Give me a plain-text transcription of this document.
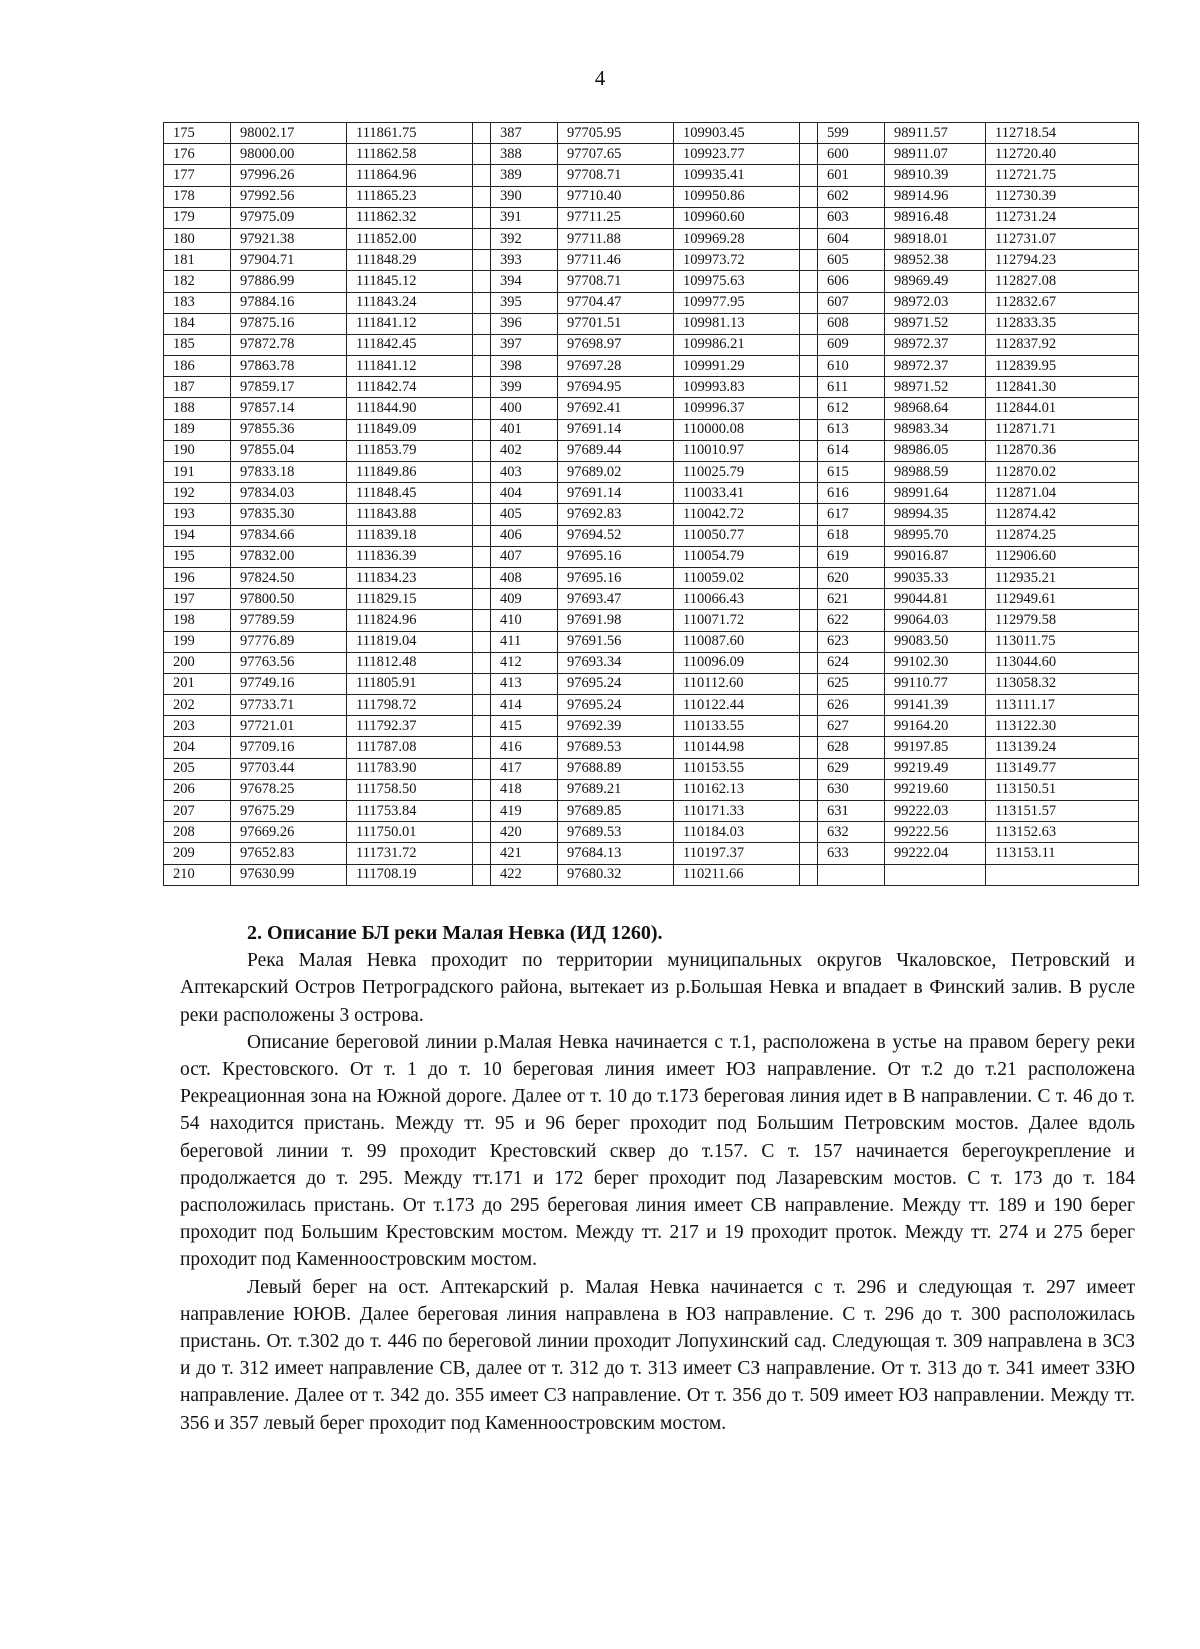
4
175	98002.17	111861.75		387	97705.95	109903.45		599	98911.57	112718.54
176	98000.00	111862.58		388	97707.65	109923.77		600	98911.07	112720.40
177	97996.26	111864.96		389	97708.71	109935.41		601	98910.39	112721.75
178	97992.56	111865.23		390	97710.40	109950.86		602	98914.96	112730.39
179	97975.09	111862.32		391	97711.25	109960.60		603	98916.48	112731.24
180	97921.38	111852.00		392	97711.88	109969.28		604	98918.01	112731.07
181	97904.71	111848.29		393	97711.46	109973.72		605	98952.38	112794.23
182	97886.99	111845.12		394	97708.71	109975.63		606	98969.49	112827.08
183	97884.16	111843.24		395	97704.47	109977.95		607	98972.03	112832.67
184	97875.16	111841.12		396	97701.51	109981.13		608	98971.52	112833.35
185	97872.78	111842.45		397	97698.97	109986.21		609	98972.37	112837.92
186	97863.78	111841.12		398	97697.28	109991.29		610	98972.37	112839.95
187	97859.17	111842.74		399	97694.95	109993.83		611	98971.52	112841.30
188	97857.14	111844.90		400	97692.41	109996.37		612	98968.64	112844.01
189	97855.36	111849.09		401	97691.14	110000.08		613	98983.34	112871.71
190	97855.04	111853.79		402	97689.44	110010.97		614	98986.05	112870.36
191	97833.18	111849.86		403	97689.02	110025.79		615	98988.59	112870.02
192	97834.03	111848.45		404	97691.14	110033.41		616	98991.64	112871.04
193	97835.30	111843.88		405	97692.83	110042.72		617	98994.35	112874.42
194	97834.66	111839.18		406	97694.52	110050.77		618	98995.70	112874.25
195	97832.00	111836.39		407	97695.16	110054.79		619	99016.87	112906.60
196	97824.50	111834.23		408	97695.16	110059.02		620	99035.33	112935.21
197	97800.50	111829.15		409	97693.47	110066.43		621	99044.81	112949.61
198	97789.59	111824.96		410	97691.98	110071.72		622	99064.03	112979.58
199	97776.89	111819.04		411	97691.56	110087.60		623	99083.50	113011.75
200	97763.56	111812.48		412	97693.34	110096.09		624	99102.30	113044.60
201	97749.16	111805.91		413	97695.24	110112.60		625	99110.77	113058.32
202	97733.71	111798.72		414	97695.24	110122.44		626	99141.39	113111.17
203	97721.01	111792.37		415	97692.39	110133.55		627	99164.20	113122.30
204	97709.16	111787.08		416	97689.53	110144.98		628	99197.85	113139.24
205	97703.44	111783.90		417	97688.89	110153.55		629	99219.49	113149.77
206	97678.25	111758.50		418	97689.21	110162.13		630	99219.60	113150.51
207	97675.29	111753.84		419	97689.85	110171.33		631	99222.03	113151.57
208	97669.26	111750.01		420	97689.53	110184.03		632	99222.56	113152.63
209	97652.83	111731.72		421	97684.13	110197.37		633	99222.04	113153.11
210	97630.99	111708.19		422	97680.32	110211.66				

2. Описание БЛ реки Малая Невка (ИД 1260).

Река Малая Невка проходит по территории муниципальных округов Чкаловское, Петровский и Аптекарский Остров Петроградского района, вытекает из р.Большая Невка и впадает в Финский залив. В русле реки расположены 3 острова.

Описание береговой линии р.Малая Невка начинается с т.1, расположена в устье на правом берегу реки ост. Крестовского. От т. 1 до т. 10 береговая линия имеет ЮЗ направление. От т.2 до т.21 расположена Рекреационная зона на Южной дороге. Далее от т. 10 до т.173 береговая линия идет в В направлении. С т. 46 до т. 54 находится пристань. Между тт. 95 и 96 берег проходит под Большим Петровским мостов. Далее вдоль береговой линии т. 99 проходит Крестовский сквер до т.157. С т. 157 начинается берегоукрепление и продолжается до т. 295. Между тт.171 и 172 берег проходит под Лазаревским мостов. С т. 173 до т. 184 расположилась пристань. От т.173 до 295 береговая линия имеет СВ направление. Между тт. 189 и 190 берег проходит под Большим Крестовским мостом. Между тт. 217 и 19 проходит проток. Между тт. 274 и 275 берег проходит под Каменноостровским мостом.

Левый берег на ост. Аптекарский р. Малая Невка начинается с т. 296 и следующая т. 297 имеет направление ЮЮВ. Далее береговая линия направлена в ЮЗ направление. С т. 296 до т. 300 расположилась пристань. От. т.302 до т. 446 по береговой линии проходит Лопухинский сад. Следующая т. 309 направлена в ЗСЗ и до т. 312 имеет направление СВ, далее от т. 312 до т. 313 имеет СЗ направление. От т. 313 до т. 341 имеет ЗЗЮ направление. Далее от т. 342 до. 355 имеет СЗ направление. От т. 356 до т. 509 имеет ЮЗ направлении. Между тт. 356 и 357 левый берег проходит под Каменноостровским мостом.
